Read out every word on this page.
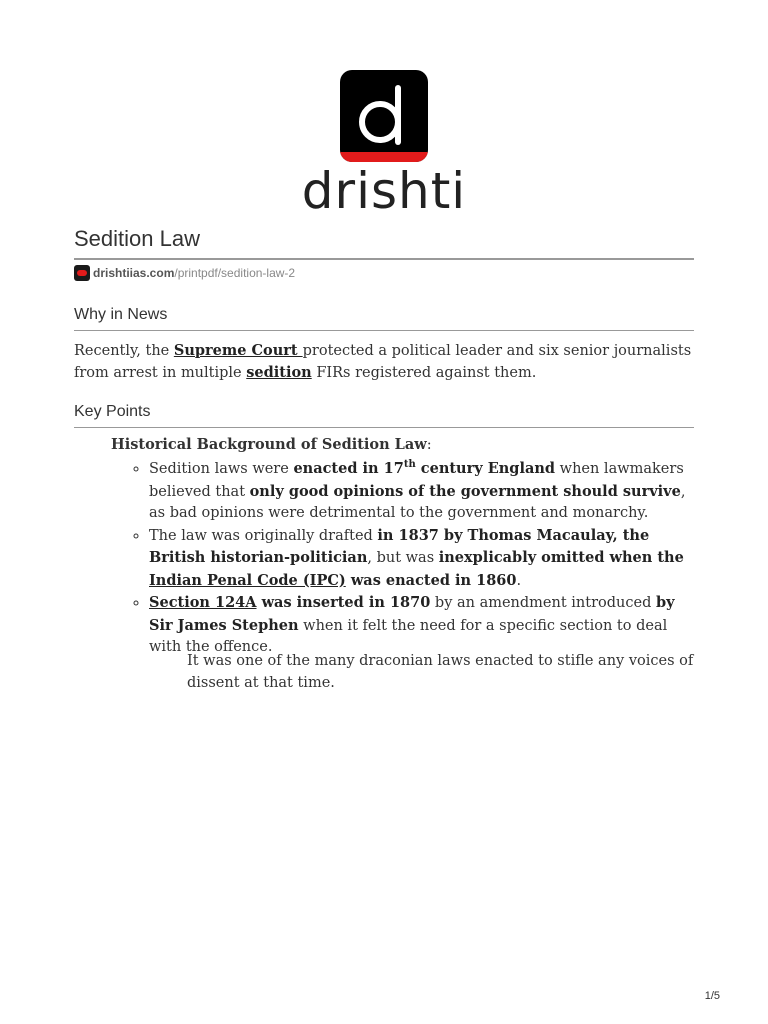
drishti
Sedition Law
drishtiias.com /printpdf/sedition-law-2
Why in News
Recently, the Supreme Court protected a political leader and six senior journalists from arrest in multiple sedition FIRs registered against them.
Key Points
Historical Background of Sedition Law:
◦ Sedition laws were enacted in 17th century England when lawmakers believed that only good opinions of the government should survive, as bad opinions were detrimental to the government and monarchy.
◦ The law was originally drafted in 1837 by Thomas Macaulay, the British historian-politician, but was inexplicably omitted when the Indian Penal Code (IPC) was enacted in 1860.
◦ Section 124A was inserted in 1870 by an amendment introduced by Sir James Stephen when it felt the need for a specific section to deal with the offence.
It was one of the many draconian laws enacted to stifle any voices of dissent at that time.
1/5
